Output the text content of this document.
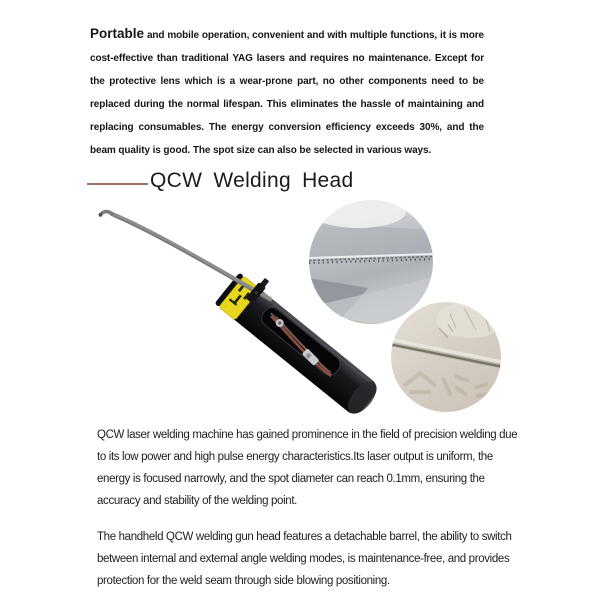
Portable and mobile operation, convenient and with multiple functions, it is more cost-effective than traditional YAG lasers and requires no maintenance. Except for the protective lens which is a wear-prone part, no other components need to be replaced during the normal lifespan. This eliminates the hassle of maintaining and replacing consumables. The energy conversion efficiency exceeds 30%, and the beam quality is good. The spot size can also be selected in various ways.

QCW Welding Head

QCW laser welding machine has gained prominence in the field of precision welding due to its low power and high pulse energy characteristics.Its laser output is uniform, the energy is focused narrowly, and the spot diameter can reach 0.1mm, ensuring the accuracy and stability of the welding point.

The handheld QCW welding gun head features a detachable barrel, the ability to switch between internal and external angle welding modes, is maintenance-free, and provides protection for the weld seam through side blowing positioning.
